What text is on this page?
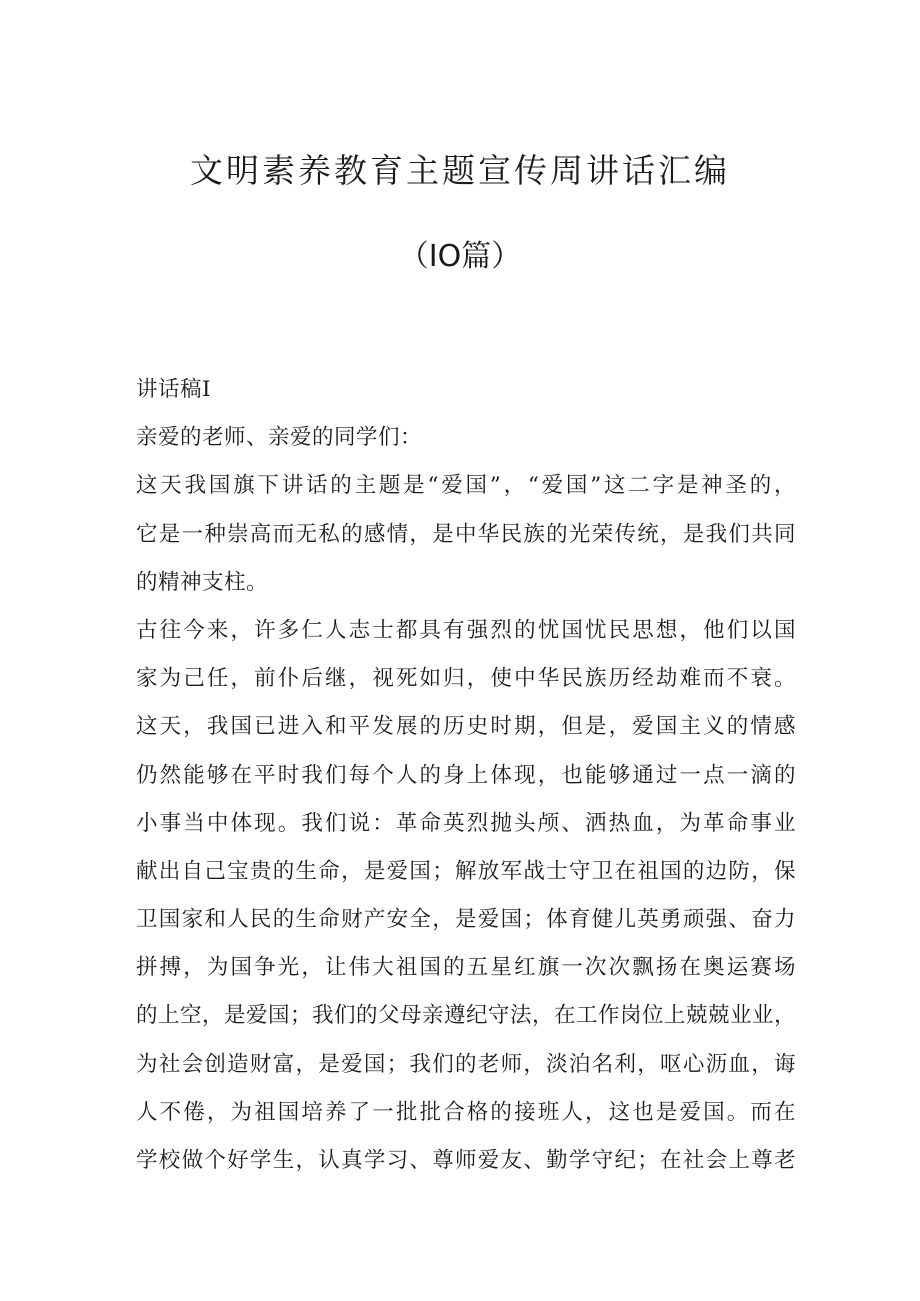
文明素养教育主题宣传周讲话汇编
（IO篇）
讲话稿I
亲爱的老师、亲爱的同学们：
这天我国旗下讲话的主题是“爱国”，“爱国”这二字是神圣的，
它是一种崇高而无私的感情，是中华民族的光荣传统，是我们共同
的精神支柱。
古往今来，许多仁人志士都具有强烈的忧国忧民思想，他们以国
家为己任，前仆后继，视死如归，使中华民族历经劫难而不衰。
这天，我国已进入和平发展的历史时期，但是，爱国主义的情感
仍然能够在平时我们每个人的身上体现，也能够通过一点一滴的
小事当中体现。我们说：革命英烈抛头颅、洒热血，为革命事业
献出自己宝贵的生命，是爱国；解放军战士守卫在祖国的边防，保
卫国家和人民的生命财产安全，是爱国；体育健儿英勇顽强、奋力
拼搏，为国争光，让伟大祖国的五星红旗一次次飘扬在奥运赛场
的上空，是爱国；我们的父母亲遵纪守法，在工作岗位上兢兢业业，
为社会创造财富，是爱国；我们的老师，淡泊名利，呕心沥血，诲
人不倦，为祖国培养了一批批合格的接班人，这也是爱国。而在
学校做个好学生，认真学习、尊师爱友、勤学守纪；在社会上尊老
